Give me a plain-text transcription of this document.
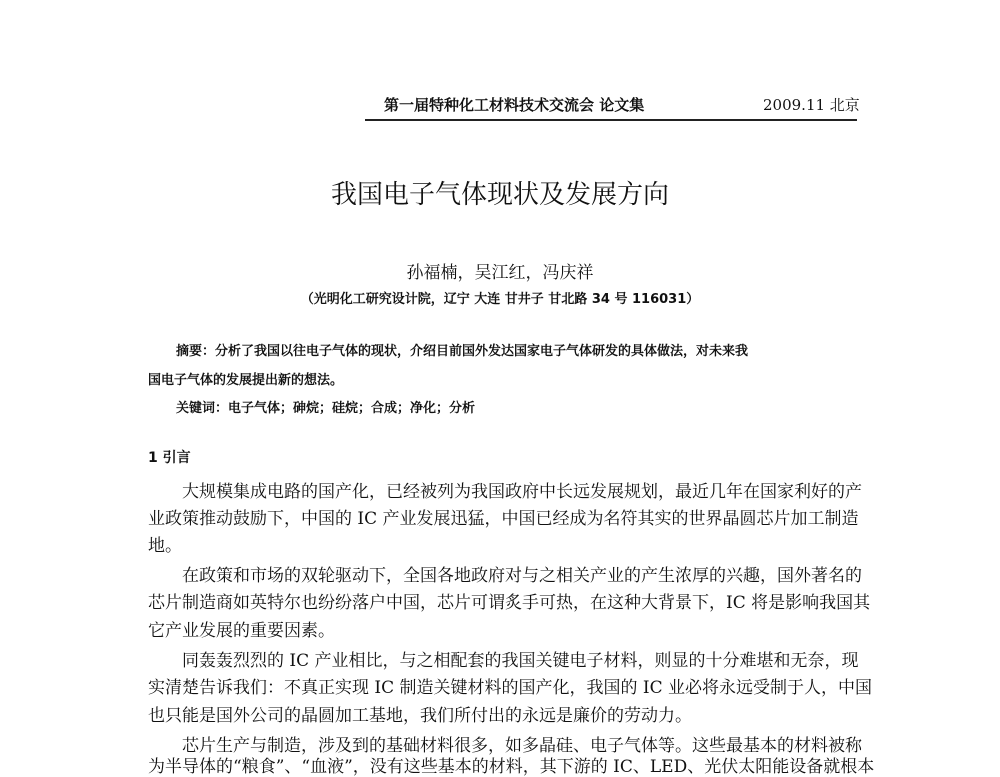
第一届特种化工材料技术交流会 论文集	2009.11 北京
我国电子气体现状及发展方向
孙福楠，吴江红，冯庆祥
（光明化工研究设计院，辽宁 大连 甘井子 甘北路 34 号 116031）
摘要：分析了我国以往电子气体的现状，介绍目前国外发达国家电子气体研发的具体做法，对未来我
国电子气体的发展提出新的想法。
关键词：电子气体；砷烷；硅烷；合成；净化；分析
1 引言
大规模集成电路的国产化，已经被列为我国政府中长远发展规划，最近几年在国家利好的产
业政策推动鼓励下，中国的 IC 产业发展迅猛，中国已经成为名符其实的世界晶圆芯片加工制造
地。
在政策和市场的双轮驱动下，全国各地政府对与之相关产业的产生浓厚的兴趣，国外著名的
芯片制造商如英特尔也纷纷落户中国，芯片可谓炙手可热，在这种大背景下，IC 将是影响我国其
它产业发展的重要因素。
同轰轰烈烈的 IC 产业相比，与之相配套的我国关键电子材料，则显的十分难堪和无奈，现
实清楚告诉我们：不真正实现 IC 制造关键材料的国产化，我国的 IC 业必将永远受制于人，中国
也只能是国外公司的晶圆加工基地，我们所付出的永远是廉价的劳动力。
芯片生产与制造，涉及到的基础材料很多，如多晶硅、电子气体等。这些最基本的材料被称
为半导体的“粮食”、“血液”，没有这些基本的材料，其下游的 IC、LED、光伏太阳能设备就根本
